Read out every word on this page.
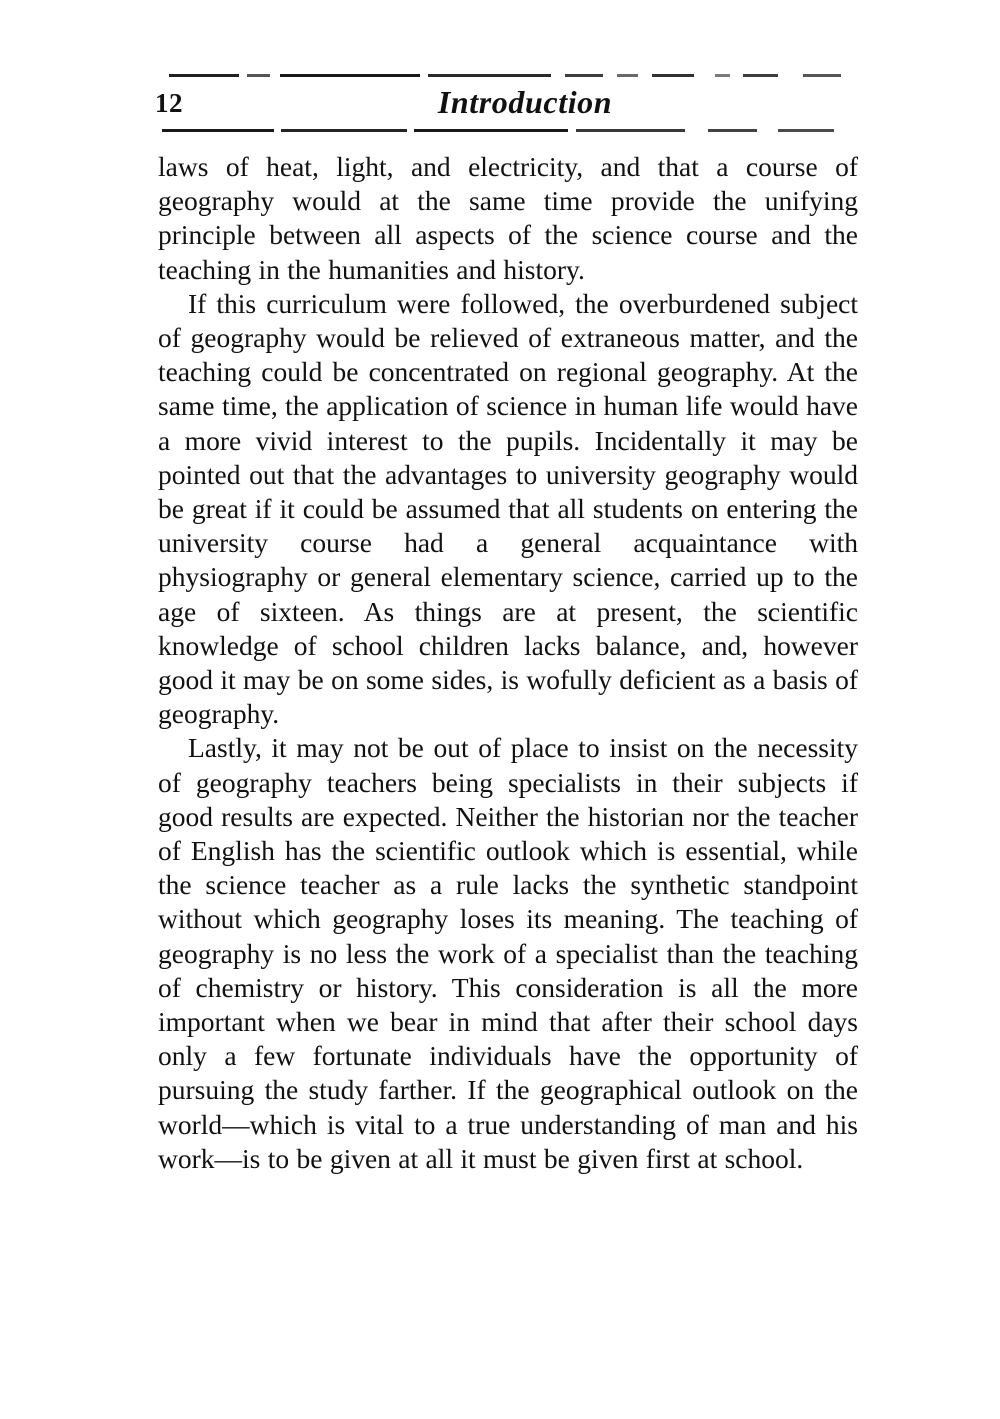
12	Introduction

laws of heat, light, and electricity, and that a course of geography would at the same time provide the unifying principle between all aspects of the science course and the teaching in the humanities and history.

If this curriculum were followed, the overburdened subject of geography would be relieved of extraneous matter, and the teaching could be concentrated on regional geography. At the same time, the application of science in human life would have a more vivid interest to the pupils. Incidentally it may be pointed out that the advantages to university geography would be great if it could be assumed that all students on entering the university course had a general acquaintance with physiography or general elementary science, carried up to the age of sixteen. As things are at present, the scientific knowledge of school children lacks balance, and, however good it may be on some sides, is wofully deficient as a basis of geography.

Lastly, it may not be out of place to insist on the necessity of geography teachers being specialists in their subjects if good results are expected. Neither the historian nor the teacher of English has the scientific outlook which is essential, while the science teacher as a rule lacks the synthetic standpoint without which geography loses its meaning. The teaching of geography is no less the work of a specialist than the teaching of chemistry or history. This consideration is all the more important when we bear in mind that after their school days only a few fortunate individuals have the opportunity of pursuing the study farther. If the geographical outlook on the world—which is vital to a true understanding of man and his work—is to be given at all it must be given first at school.
